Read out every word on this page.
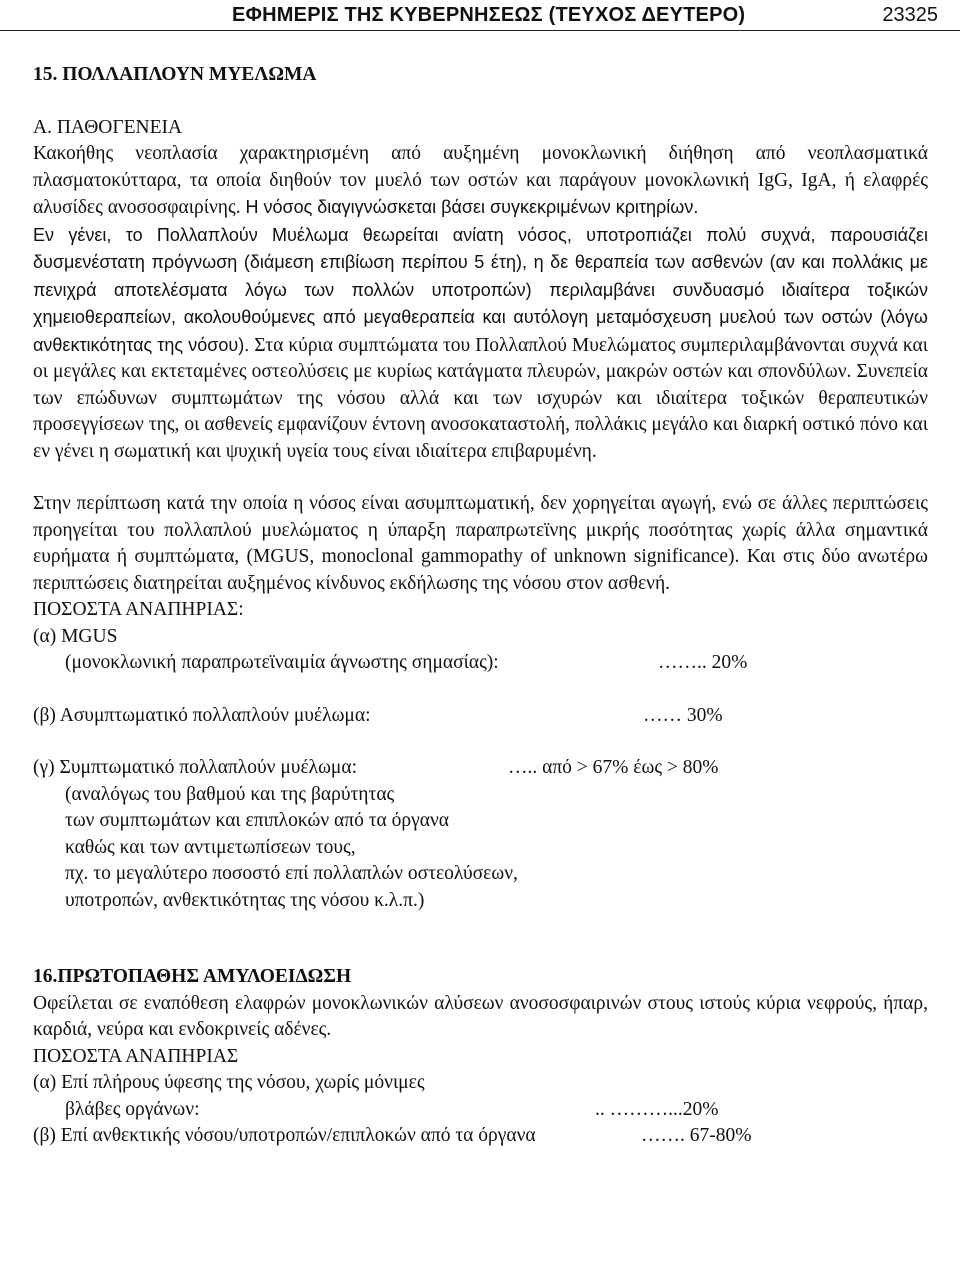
ΕΦΗΜΕΡΙΣ ΤΗΣ ΚΥΒΕΡΝΗΣΕΩΣ (ΤΕΥΧΟΣ ΔΕΥΤΕΡΟ)	23325

15. ΠΟΛΛΑΠΛΟΥΝ ΜΥΕΛΩΜΑ

Α. ΠΑΘΟΓΕΝΕΙΑ

Κακοήθης νεοπλασία χαρακτηρισμένη από αυξημένη μονοκλωνική διήθηση από νεοπλασματικά πλασματοκύτταρα, τα οποία διηθούν τον μυελό των οστών και παράγουν μονοκλωνική IgG, IgA, ή ελαφρές αλυσίδες ανοσοσφαιρίνης. Η νόσος διαγιγνώσκεται βάσει συγκεκριμένων κριτηρίων.

Εν γένει, το Πολλαπλούν Μυέλωμα θεωρείται ανίατη νόσος, υποτροπιάζει πολύ συχνά, παρουσιάζει δυσμενέστατη πρόγνωση (διάμεση επιβίωση περίπου 5 έτη), η δε θεραπεία των ασθενών (αν και πολλάκις με πενιχρά αποτελέσματα λόγω των πολλών υποτροπών) περιλαμβάνει συνδυασμό ιδιαίτερα τοξικών χημειοθεραπείων, ακολουθούμενες από μεγαθεραπεία και αυτόλογη μεταμόσχευση μυελού των οστών (λόγω ανθεκτικότητας της νόσου). Στα κύρια συμπτώματα του Πολλαπλού Μυελώματος συμπεριλαμβάνονται συχνά και οι μεγάλες και εκτεταμένες οστεολύσεις με κυρίως κατάγματα πλευρών, μακρών οστών και σπονδύλων. Συνεπεία των επώδυνων συμπτωμάτων της νόσου αλλά και των ισχυρών και ιδιαίτερα τοξικών θεραπευτικών προσεγγίσεων της, οι ασθενείς εμφανίζουν έντονη ανοσοκαταστολή, πολλάκις μεγάλο και διαρκή οστικό πόνο και εν γένει η σωματική και ψυχική υγεία τους είναι ιδιαίτερα επιβαρυμένη.

Στην περίπτωση κατά την οποία η νόσος είναι ασυμπτωματική, δεν χορηγείται αγωγή, ενώ σε άλλες περιπτώσεις προηγείται του πολλαπλού μυελώματος η ύπαρξη παραπρωτεϊνης μικρής ποσότητας χωρίς άλλα σημαντικά ευρήματα ή συμπτώματα, (MGUS, monoclonal gammopathy of unknown significance). Και στις δύο ανωτέρω περιπτώσεις διατηρείται αυξημένος κίνδυνος εκδήλωσης της νόσου στον ασθενή.

ΠΟΣΟΣΤΑ ΑΝΑΠΗΡΙΑΣ:

(α) MGUS
(μονοκλωνική παραπρωτεϊναιμία άγνωστης σημασίας):	…….. 20%
(β) Ασυμπτωματικό πολλαπλούν μυέλωμα:	…… 30%
(γ) Συμπτωματικό πολλαπλούν μυέλωμα:	….. από > 67% έως > 80%
(αναλόγως του βαθμού και της βαρύτητας
των συμπτωμάτων και επιπλοκών από τα όργανα
καθώς και των αντιμετωπίσεων τους,
πχ. το μεγαλύτερο ποσοστό επί πολλαπλών οστεολύσεων,
υποτροπών, ανθεκτικότητας της νόσου κ.λ.π.)

16.ΠΡΩΤΟΠΑΘΗΣ ΑΜΥΛΟΕΙΔΩΣΗ

Οφείλεται σε εναπόθεση ελαφρών μονοκλωνικών αλύσεων ανοσοσφαιρινών στους ιστούς κύρια νεφρούς, ήπαρ, καρδιά, νεύρα και ενδοκρινείς αδένες.

ΠΟΣΟΣΤΑ ΑΝΑΠΗΡΙΑΣ

(α) Επί πλήρους ύφεσης της νόσου, χωρίς μόνιμες
βλάβες οργάνων:	.. ………...20%
(β) Επί ανθεκτικής νόσου/υποτροπών/επιπλοκών από τα όργανα	……. 67-80%
